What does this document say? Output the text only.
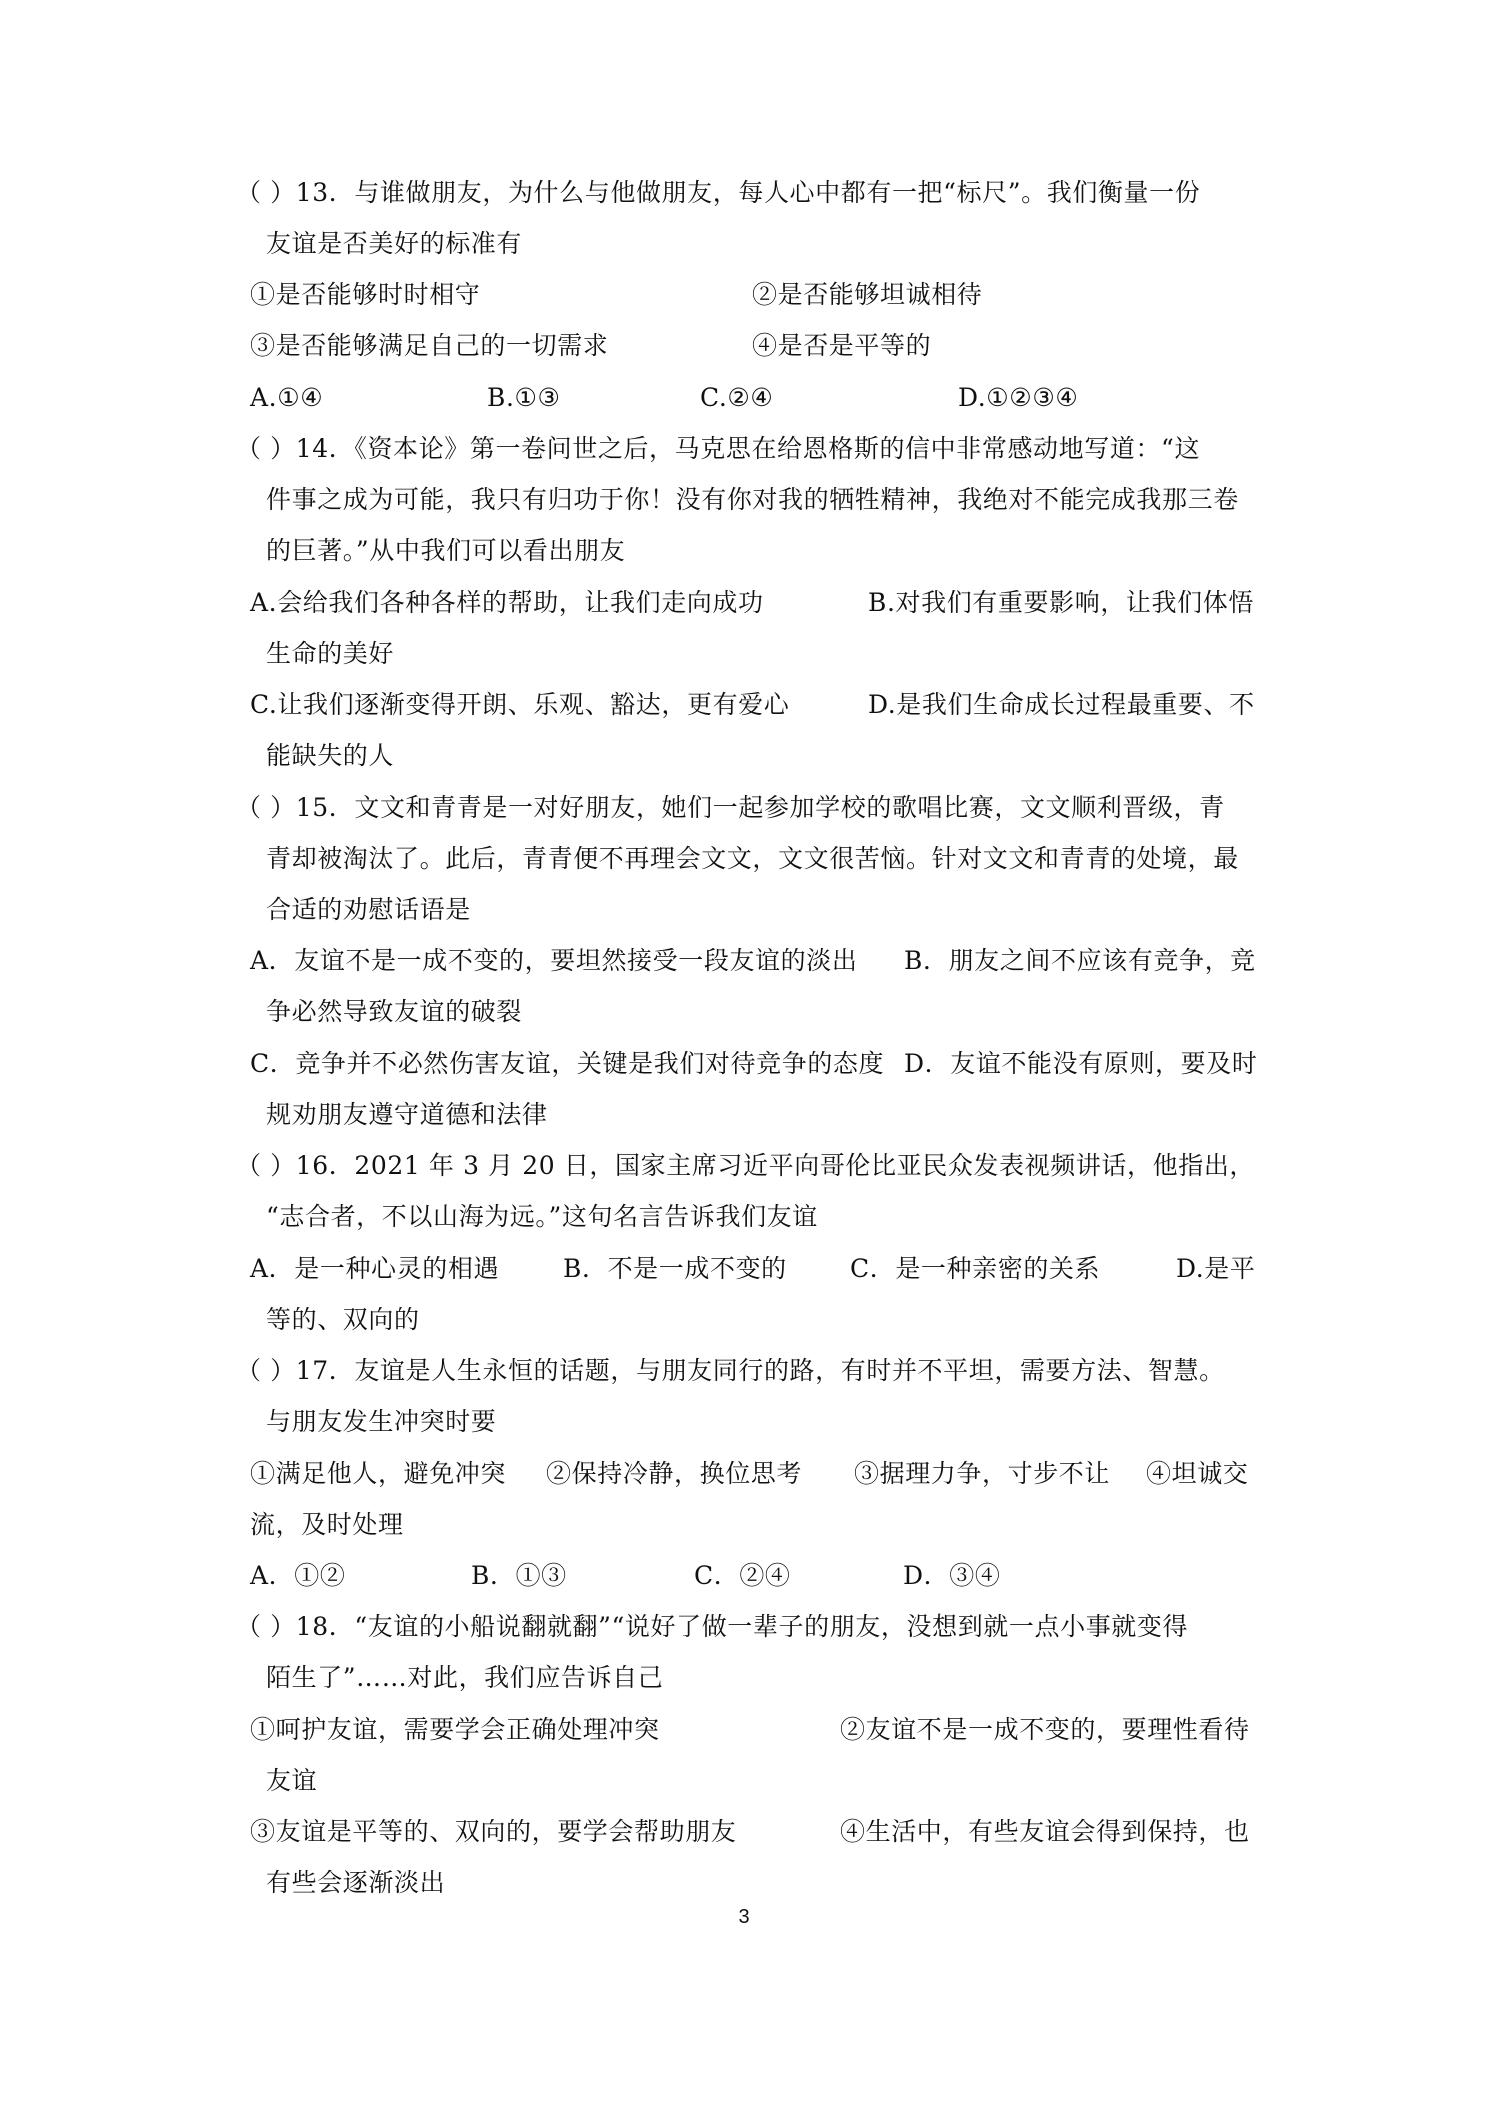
（ ）13．与谁做朋友，为什么与他做朋友，每人心中都有一把“标尺”。我们衡量一份
友谊是否美好的标准有
①是否能够时时相守	②是否能够坦诚相待
③是否能够满足自己的一切需求	④是否是平等的
A.①④	B.①③	C.②④	D.①②③④
（ ）14．《资本论》第一卷问世之后，马克思在给恩格斯的信中非常感动地写道：“这
件事之成为可能，我只有归功于你！没有你对我的牺牲精神，我绝对不能完成我那三卷
的巨著。”从中我们可以看出朋友
A.会给我们各种各样的帮助，让我们走向成功	B.对我们有重要影响，让我们体悟
生命的美好
C.让我们逐渐变得开朗、乐观、豁达，更有爱心	D.是我们生命成长过程最重要、不
能缺失的人
（ ）15．文文和青青是一对好朋友，她们一起参加学校的歌唱比赛，文文顺利晋级，青
青却被淘汰了。此后，青青便不再理会文文，文文很苦恼。针对文文和青青的处境，最
合适的劝慰话语是
A．友谊不是一成不变的，要坦然接受一段友谊的淡出 B．朋友之间不应该有竞争，竞
争必然导致友谊的破裂
C．竞争并不必然伤害友谊，关键是我们对待竞争的态度 D．友谊不能没有原则，要及时
规劝朋友遵守道德和法律
（ ）16．2021 年 3 月 20 日，国家主席习近平向哥伦比亚民众发表视频讲话，他指出，
“志合者，不以山海为远。”这句名言告诉我们友谊
A．是一种心灵的相遇	B．不是一成不变的	C．是一种亲密的关系	D.是平
等的、双向的
（ ）17．友谊是人生永恒的话题，与朋友同行的路，有时并不平坦，需要方法、智慧。
与朋友发生冲突时要
①满足他人，避免冲突 ②保持冷静，换位思考 ③据理力争，寸步不让 ④坦诚交
流，及时处理
A．①②	B．①③	C．②④	D．③④
（ ）18．“友谊的小船说翻就翻”“说好了做一辈子的朋友，没想到就一点小事就变得
陌生了”……对此，我们应告诉自己
①呵护友谊，需要学会正确处理冲突	②友谊不是一成不变的，要理性看待
友谊
③友谊是平等的、双向的，要学会帮助朋友	④生活中，有些友谊会得到保持，也
有些会逐渐淡出
3
